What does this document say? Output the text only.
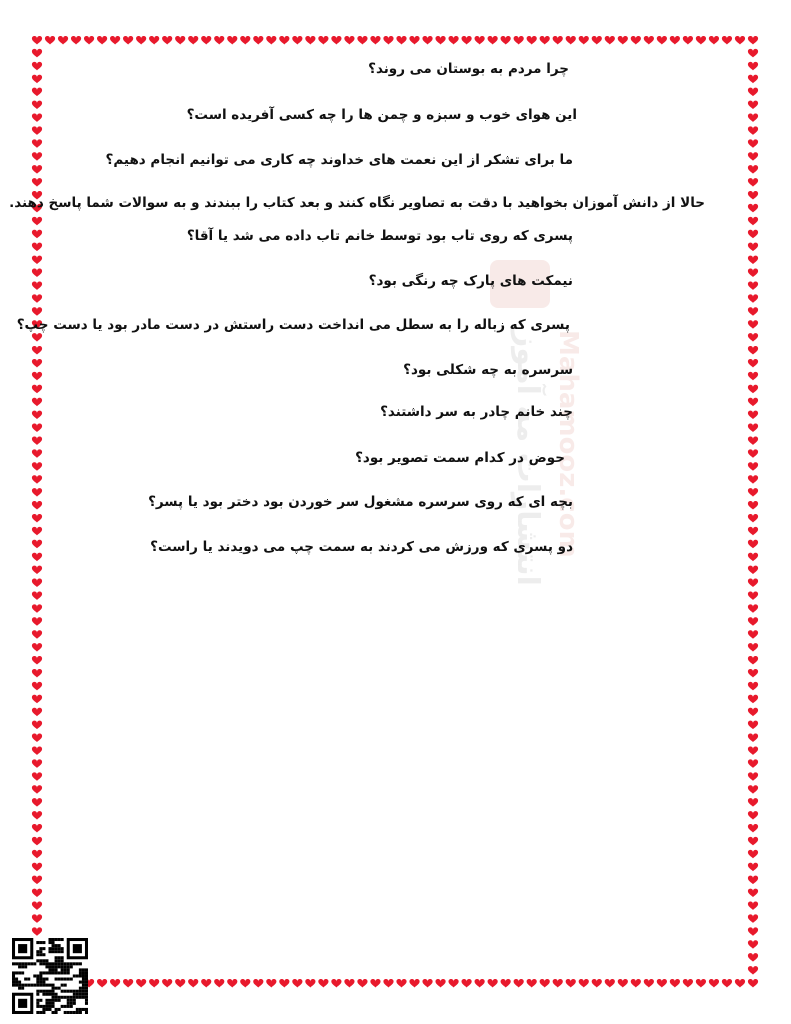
انتشارات مه آموز Mahamooz.com
چرا مردم به بوستان می روند؟
این هوای خوب و سبزه و چمن ها را چه کسی آفریده است؟
ما برای تشکر از این نعمت های خداوند چه کاری می توانیم انجام دهیم؟
حالا از دانش آموزان بخواهید با دقت به تصاویر نگاه کنند و بعد کتاب را ببندند و به سوالات شما پاسخ دهند.
پسری که روی تاب بود توسط خانم تاب داده می شد یا آقا؟
نیمکت های پارک چه رنگی بود؟
پسری که زباله را به سطل می انداخت دست راستش در دست مادر بود یا دست چپ؟
سرسره به چه شکلی بود؟
چند خانم چادر به سر داشتند؟
حوض در کدام سمت تصویر بود؟
بچه ای که روی سرسره مشغول سر خوردن بود دختر بود یا پسر؟
دو پسری که ورزش می کردند به سمت چپ می دویدند یا راست؟
